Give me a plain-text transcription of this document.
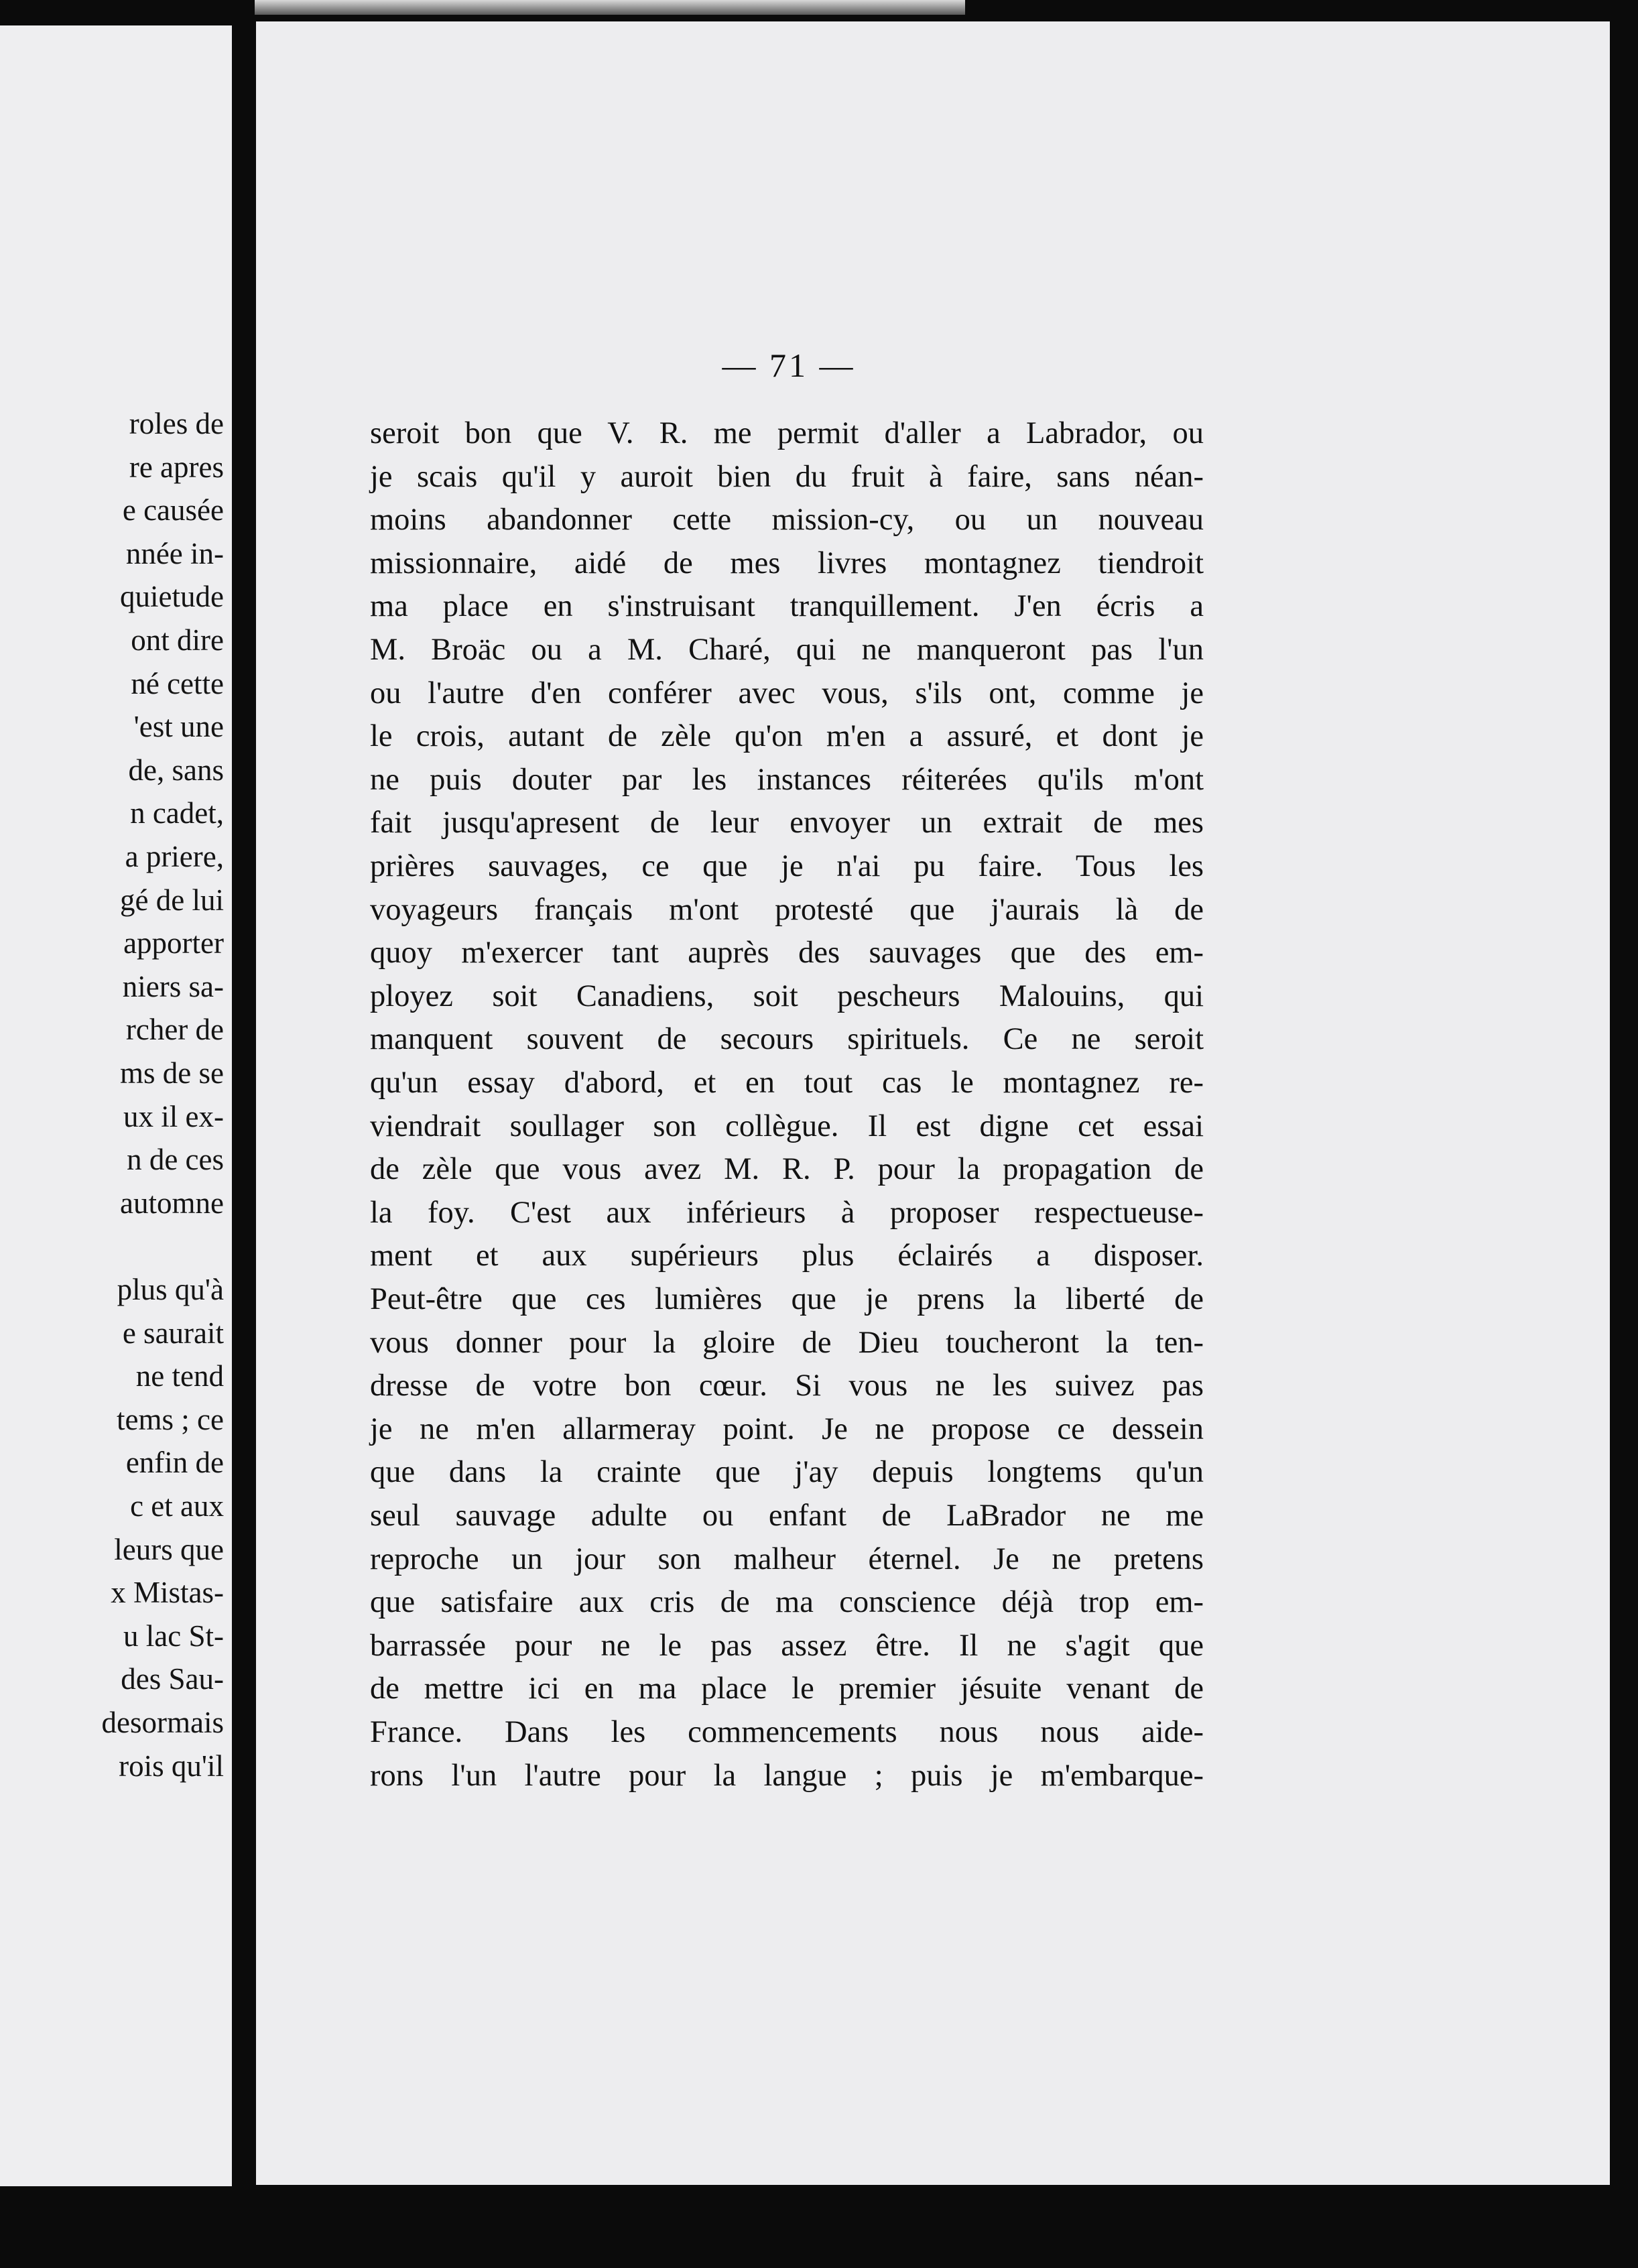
roles de
re apres
e causée
nnée in-
quietude
ont dire
né cette
'est une
de, sans
n cadet,
a priere,
gé de lui
apporter
niers sa-
rcher de
ms de se
ux il ex-
n de ces
automne
plus qu'à
e saurait
ne tend
tems ; ce
enfin de
c et aux
leurs que
x Mistas-
u lac St-
des Sau-
desormais
rois qu'il
— 71 —
seroit bon que V. R. me permit d'aller a Labrador, ou
je scais qu'il y auroit bien du fruit à faire, sans néan-
moins abandonner cette mission-cy, ou un nouveau
missionnaire, aidé de mes livres montagnez tiendroit
ma place en s'instruisant tranquillement. J'en écris a
M. Broäc ou a M. Charé, qui ne manqueront pas l'un
ou l'autre d'en conférer avec vous, s'ils ont, comme je
le crois, autant de zèle qu'on m'en a assuré, et dont je
ne puis douter par les instances réiterées qu'ils m'ont
fait jusqu'apresent de leur envoyer un extrait de mes
prières sauvages, ce que je n'ai pu faire. Tous les
voyageurs français m'ont protesté que j'aurais là de
quoy m'exercer tant auprès des sauvages que des em-
ployez soit Canadiens, soit pescheurs Malouins, qui
manquent souvent de secours spirituels. Ce ne seroit
qu'un essay d'abord, et en tout cas le montagnez re-
viendrait soullager son collègue. Il est digne cet essai
de zèle que vous avez M. R. P. pour la propagation de
la foy. C'est aux inférieurs à proposer respectueuse-
ment et aux supérieurs plus éclairés a disposer.
Peut-être que ces lumières que je prens la liberté de
vous donner pour la gloire de Dieu toucheront la ten-
dresse de votre bon cœur. Si vous ne les suivez pas
je ne m'en allarmeray point. Je ne propose ce dessein
que dans la crainte que j'ay depuis longtems qu'un
seul sauvage adulte ou enfant de LaBrador ne me
reproche un jour son malheur éternel. Je ne pretens
que satisfaire aux cris de ma conscience déjà trop em-
barrassée pour ne le pas assez être. Il ne s'agit que
de mettre ici en ma place le premier jésuite venant de
France. Dans les commencements nous nous aide-
rons l'un l'autre pour la langue ; puis je m'embarque-
